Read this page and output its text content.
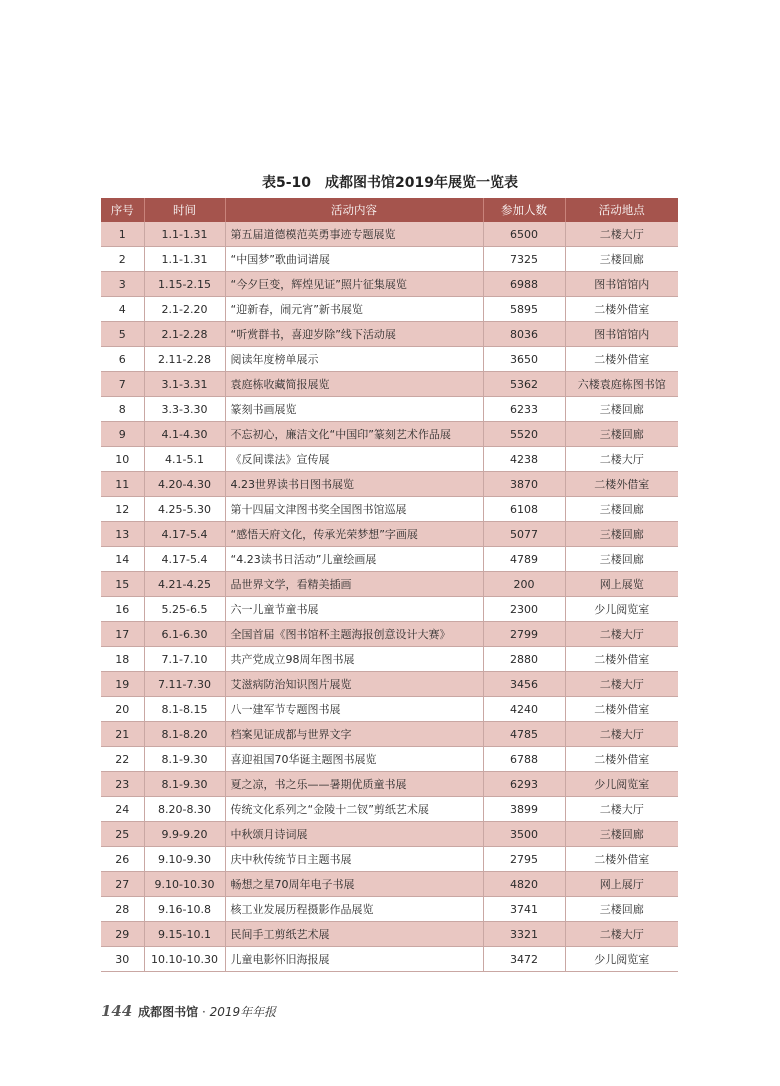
表5-10　成都图书馆2019年展览一览表
序号	时间	活动内容	参加人数	活动地点
1	1.1-1.31	第五届道德模范英勇事迹专题展览	6500	二楼大厅
2	1.1-1.31	“中国梦”歌曲词谱展	7325	三楼回廊
3	1.15-2.15	“今夕巨变，辉煌见证”照片征集展览	6988	图书馆馆内
4	2.1-2.20	“迎新春，闹元宵”新书展览	5895	二楼外借室
5	2.1-2.28	“听赏群书，喜迎岁除”线下活动展	8036	图书馆馆内
6	2.11-2.28	阅读年度榜单展示	3650	二楼外借室
7	3.1-3.31	袁庭栋收藏简报展览	5362	六楼袁庭栋图书馆
8	3.3-3.30	篆刻书画展览	6233	三楼回廊
9	4.1-4.30	不忘初心，廉洁文化“中国印”篆刻艺术作品展	5520	三楼回廊
10	4.1-5.1	《反间谍法》宣传展	4238	二楼大厅
11	4.20-4.30	4.23世界读书日图书展览	3870	二楼外借室
12	4.25-5.30	第十四届文津图书奖全国图书馆巡展	6108	三楼回廊
13	4.17-5.4	“感悟天府文化，传承光荣梦想”字画展	5077	三楼回廊
14	4.17-5.4	“4.23读书日活动”儿童绘画展	4789	三楼回廊
15	4.21-4.25	品世界文学，看精美插画	200	网上展览
16	5.25-6.5	六一儿童节童书展	2300	少儿阅览室
17	6.1-6.30	全国首届《图书馆杯主题海报创意设计大赛》	2799	二楼大厅
18	7.1-7.10	共产党成立98周年图书展	2880	二楼外借室
19	7.11-7.30	艾滋病防治知识图片展览	3456	二楼大厅
20	8.1-8.15	八一建军节专题图书展	4240	二楼外借室
21	8.1-8.20	档案见证成都与世界文字	4785	二楼大厅
22	8.1-9.30	喜迎祖国70华诞主题图书展览	6788	二楼外借室
23	8.1-9.30	夏之凉，书之乐——暑期优质童书展	6293	少儿阅览室
24	8.20-8.30	传统文化系列之“金陵十二钗”剪纸艺术展	3899	二楼大厅
25	9.9-9.20	中秋颂月诗词展	3500	三楼回廊
26	9.10-9.30	庆中秋传统节日主题书展	2795	二楼外借室
27	9.10-10.30	畅想之星70周年电子书展	4820	网上展厅
28	9.16-10.8	核工业发展历程摄影作品展览	3741	三楼回廊
29	9.15-10.1	民间手工剪纸艺术展	3321	二楼大厅
30	10.10-10.30	儿童电影怀旧海报展	3472	少儿阅览室
144 成都图书馆 · 2019年年报
